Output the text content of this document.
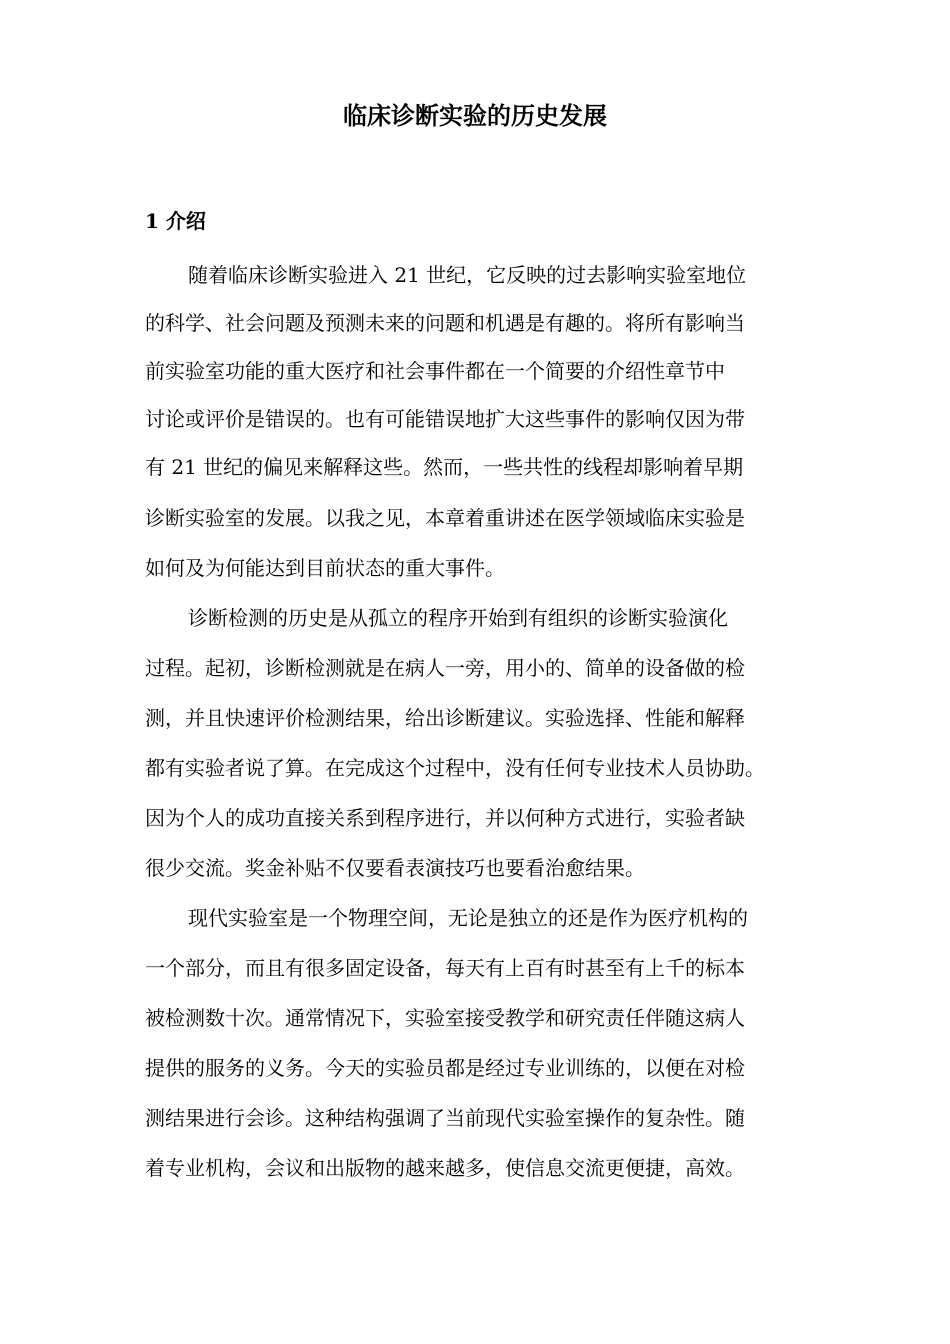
临床诊断实验的历史发展
1 介绍

随着临床诊断实验进入 21 世纪，它反映的过去影响实验室地位

的科学、社会问题及预测未来的问题和机遇是有趣的。将所有影响当

前实验室功能的重大医疗和社会事件都在一个简要的介绍性章节中

讨论或评价是错误的。也有可能错误地扩大这些事件的影响仅因为带

有 21 世纪的偏见来解释这些。然而，一些共性的线程却影响着早期

诊断实验室的发展。以我之见，本章着重讲述在医学领域临床实验是

如何及为何能达到目前状态的重大事件。

诊断检测的历史是从孤立的程序开始到有组织的诊断实验演化

过程。起初，诊断检测就是在病人一旁，用小的、简单的设备做的检

测，并且快速评价检测结果，给出诊断建议。实验选择、性能和解释

都有实验者说了算。在完成这个过程中，没有任何专业技术人员协助。

因为个人的成功直接关系到程序进行，并以何种方式进行，实验者缺

很少交流。奖金补贴不仅要看表演技巧也要看治愈结果。

现代实验室是一个物理空间，无论是独立的还是作为医疗机构的

一个部分，而且有很多固定设备，每天有上百有时甚至有上千的标本

被检测数十次。通常情况下，实验室接受教学和研究责任伴随这病人

提供的服务的义务。今天的实验员都是经过专业训练的，以便在对检

测结果进行会诊。这种结构强调了当前现代实验室操作的复杂性。随

着专业机构，会议和出版物的越来越多，使信息交流更便捷，高效。
